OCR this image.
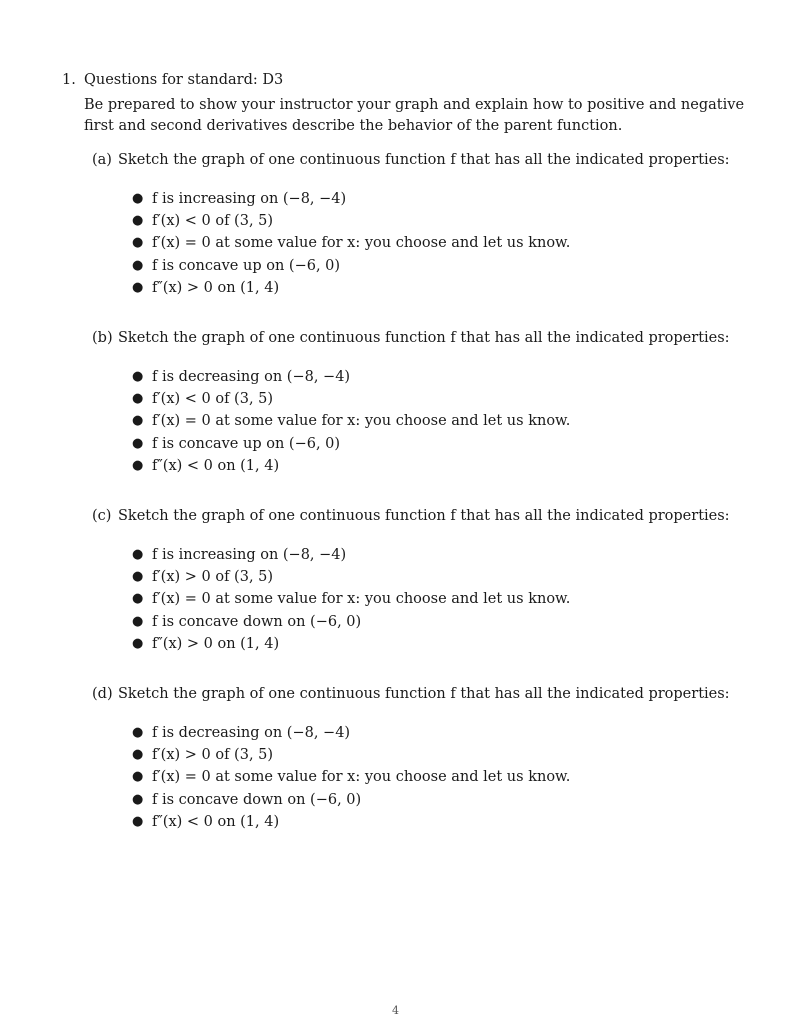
1. Questions for standard: D3
Be prepared to show your instructor your graph and explain how to positive and negative first and second derivatives describe the behavior of the parent function.
(a) Sketch the graph of one continuous function f that has all the indicated properties:
● f is increasing on (−8, −4)
● f′(x) < 0 of (3, 5)
● f′(x) = 0 at some value for x: you choose and let us know.
● f is concave up on (−6, 0)
● f″(x) > 0 on (1, 4)
(b) Sketch the graph of one continuous function f that has all the indicated properties:
● f is decreasing on (−8, −4)
● f′(x) < 0 of (3, 5)
● f′(x) = 0 at some value for x: you choose and let us know.
● f is concave up on (−6, 0)
● f″(x) < 0 on (1, 4)
(c) Sketch the graph of one continuous function f that has all the indicated properties:
● f is increasing on (−8, −4)
● f′(x) > 0 of (3, 5)
● f′(x) = 0 at some value for x: you choose and let us know.
● f is concave down on (−6, 0)
● f″(x) > 0 on (1, 4)
(d) Sketch the graph of one continuous function f that has all the indicated properties:
● f is decreasing on (−8, −4)
● f′(x) > 0 of (3, 5)
● f′(x) = 0 at some value for x: you choose and let us know.
● f is concave down on (−6, 0)
● f″(x) < 0 on (1, 4)
4
